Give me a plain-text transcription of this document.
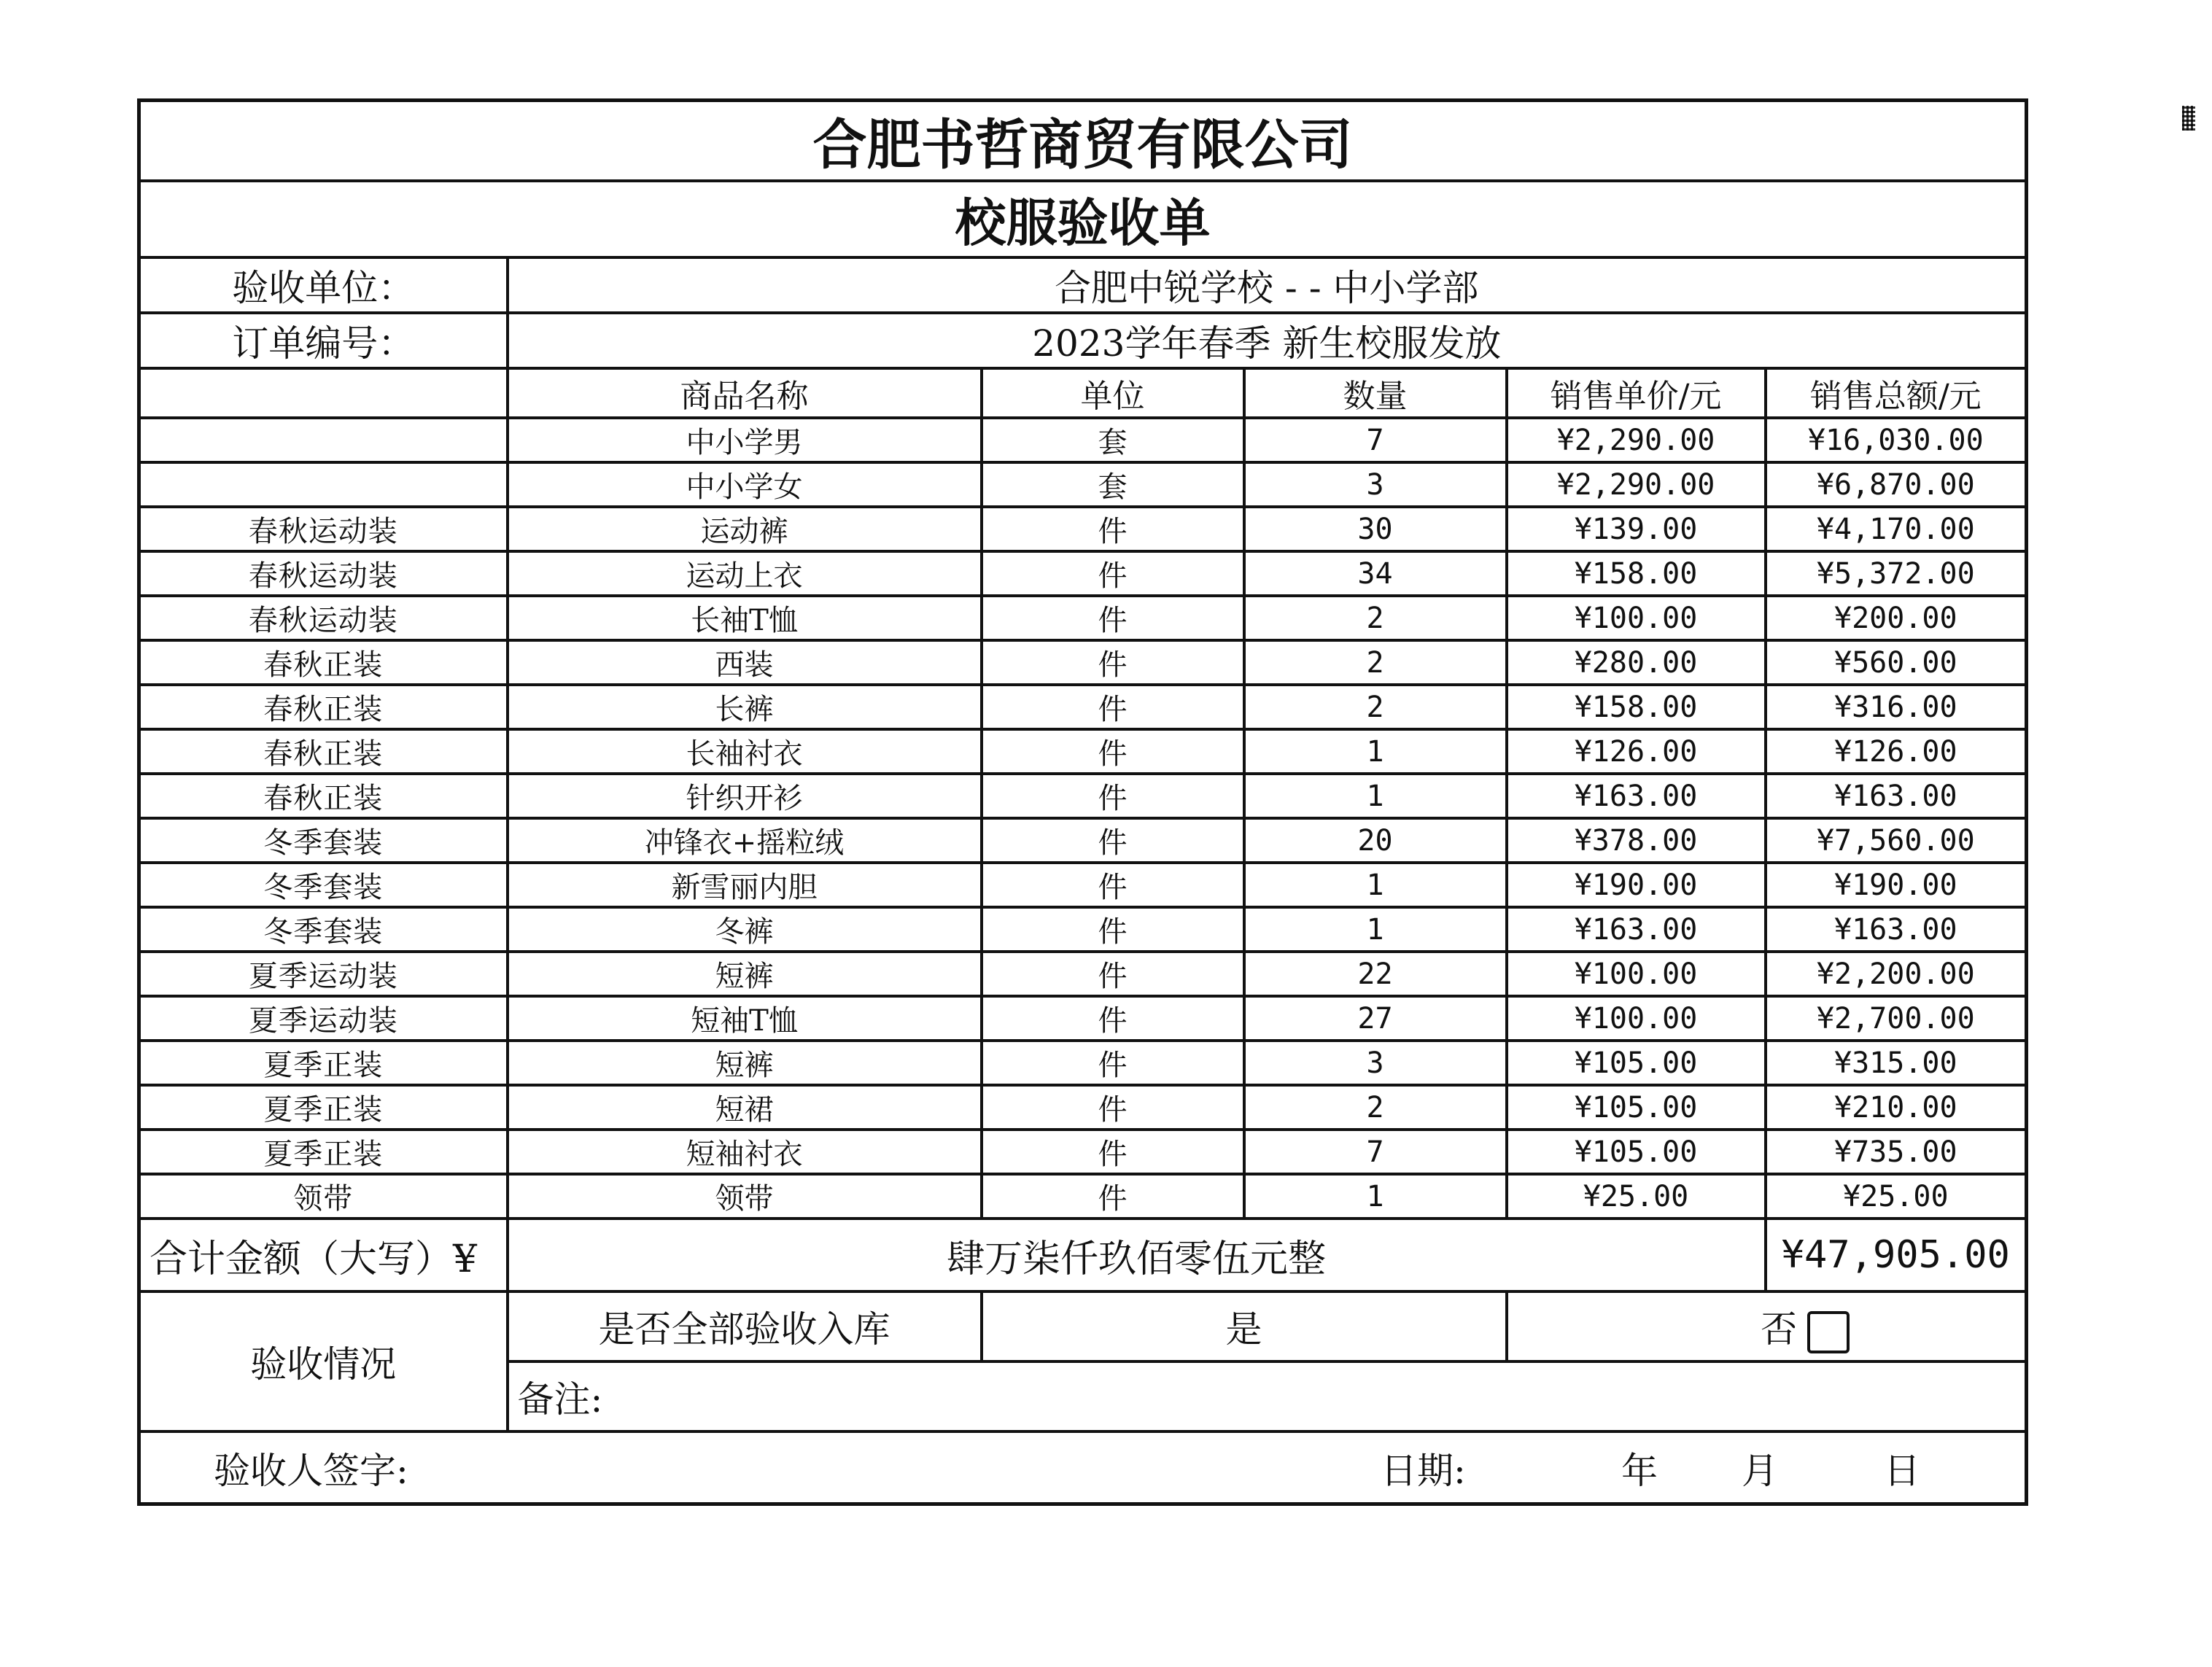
合肥书哲商贸有限公司					
校服验收单					
验收单位：	合肥中锐学校 - - 中小学部				
订单编号：	2023学年春季 新生校服发放				
	商品名称	单位	数量	销售单价/元	销售总额/元
	中小学男	套	7	¥2,290.00	¥16,030.00
	中小学女	套	3	¥2,290.00	¥6,870.00
春秋运动装	运动裤	件	30	¥139.00	¥4,170.00
春秋运动装	运动上衣	件	34	¥158.00	¥5,372.00
春秋运动装	长袖T恤	件	2	¥100.00	¥200.00
春秋正装	西装	件	2	¥280.00	¥560.00
春秋正装	长裤	件	2	¥158.00	¥316.00
春秋正装	长袖衬衣	件	1	¥126.00	¥126.00
春秋正装	针织开衫	件	1	¥163.00	¥163.00
冬季套装	冲锋衣+摇粒绒	件	20	¥378.00	¥7,560.00
冬季套装	新雪丽内胆	件	1	¥190.00	¥190.00
冬季套装	冬裤	件	1	¥163.00	¥163.00
夏季运动装	短裤	件	22	¥100.00	¥2,200.00
夏季运动装	短袖T恤	件	27	¥100.00	¥2,700.00
夏季正装	短裤	件	3	¥105.00	¥315.00
夏季正装	短裙	件	2	¥105.00	¥210.00
夏季正装	短袖衬衣	件	7	¥105.00	¥735.00
领带	领带	件	1	¥25.00	¥25.00
合计金额（大写）¥	肆万柒仟玖佰零伍元整				¥47,905.00
验收情况	是否全部验收入库	是		否	
	备注:				

验收人签字: 日期: 年 月 日					
